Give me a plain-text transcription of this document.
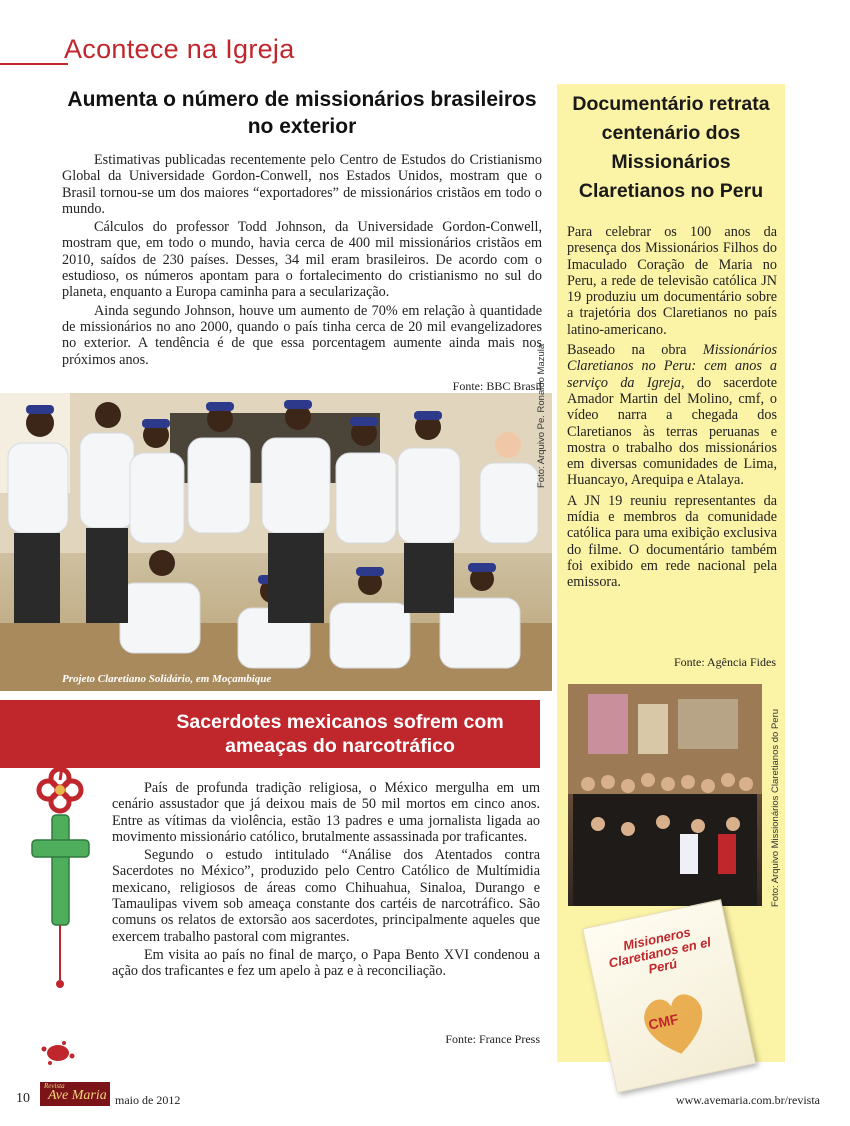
Acontece na Igreja
Aumenta o número de missionários brasileiros no exterior

Estimativas publicadas recentemente pelo Centro de Estudos do Cristianismo Global da Universidade Gordon-Conwell, nos Estados Unidos, mostram que o Brasil tornou-se um dos maiores “exportadores” de missionários cristãos em todo o mundo.

Cálculos do professor Todd Johnson, da Universidade Gordon-Conwell, mostram que, em todo o mundo, havia cerca de 400 mil missionários cristãos em 2010, saídos de 230 países. Desses, 34 mil eram brasileiros. De acordo com o estudioso, os números apontam para o fortalecimento do cristianismo no sul do planeta, enquanto a Europa caminha para a secularização.

Ainda segundo Johnson, houve um aumento de 70% em relação à quantidade de missionários no ano 2000, quando o país tinha cerca de 20 mil evangelizadores no exterior. A tendência é de que essa porcentagem aumente ainda mais nos próximos anos.

Fonte: BBC Brasil
Projeto Claretiano Solidário, em Moçambique
Foto: Arquivo Pe. Ronaldo Mazula
Sacerdotes mexicanos sofrem com ameaças do narcotráfico

País de profunda tradição religiosa, o México mergulha em um cenário assustador que já deixou mais de 50 mil mortos em cinco anos. Entre as vítimas da violência, estão 13 padres e uma jornalista ligada ao movimento missionário católico, brutalmente assassinada por traficantes.

Segundo o estudo intitulado “Análise dos Atentados contra Sacerdotes no México”, produzido pelo Centro Católico de Multímidia mexicano, religiosos de áreas como Chihuahua, Sinaloa, Durango e Tamaulipas vivem sob ameaça constante dos cartéis de narcotráfico. São comuns os relatos de extorsão aos sacerdotes, principalmente aqueles que exercem trabalho pastoral com migrantes.

Em visita ao país no final de março, o Papa Bento XVI condenou a ação dos traficantes e fez um apelo à paz e à reconciliação.

Fonte: France Press
Documentário retrata centenário dos Missionários Claretianos no Peru

Para celebrar os 100 anos da presença dos Missionários Filhos do Imaculado Coração de Maria no Peru, a rede de televisão católica JN 19 produziu um documentário sobre a trajetória dos Claretianos no país latino-americano.

Baseado na obra Missionários Claretianos no Peru: cem anos a serviço da Igreja, do sacerdote Amador Martin del Molino, cmf, o vídeo narra a chegada dos Claretianos às terras peruanas e mostra o trabalho dos missionários em diversas comunidades de Lima, Huancayo, Arequipa e Atalaya.

A JN 19 reuniu representantes da mídia e membros da comunidade católica para uma exibição exclusiva do filme. O documentário também foi exibido em rede nacional pela emissora.

Fonte: Agência Fides
Foto: Arquivo Missionários Claretianos do Peru
Misioneros Claretianos en el Perú
CMF
10
Revista
Ave Maria maio de 2012	www.avemaria.com.br/revista
